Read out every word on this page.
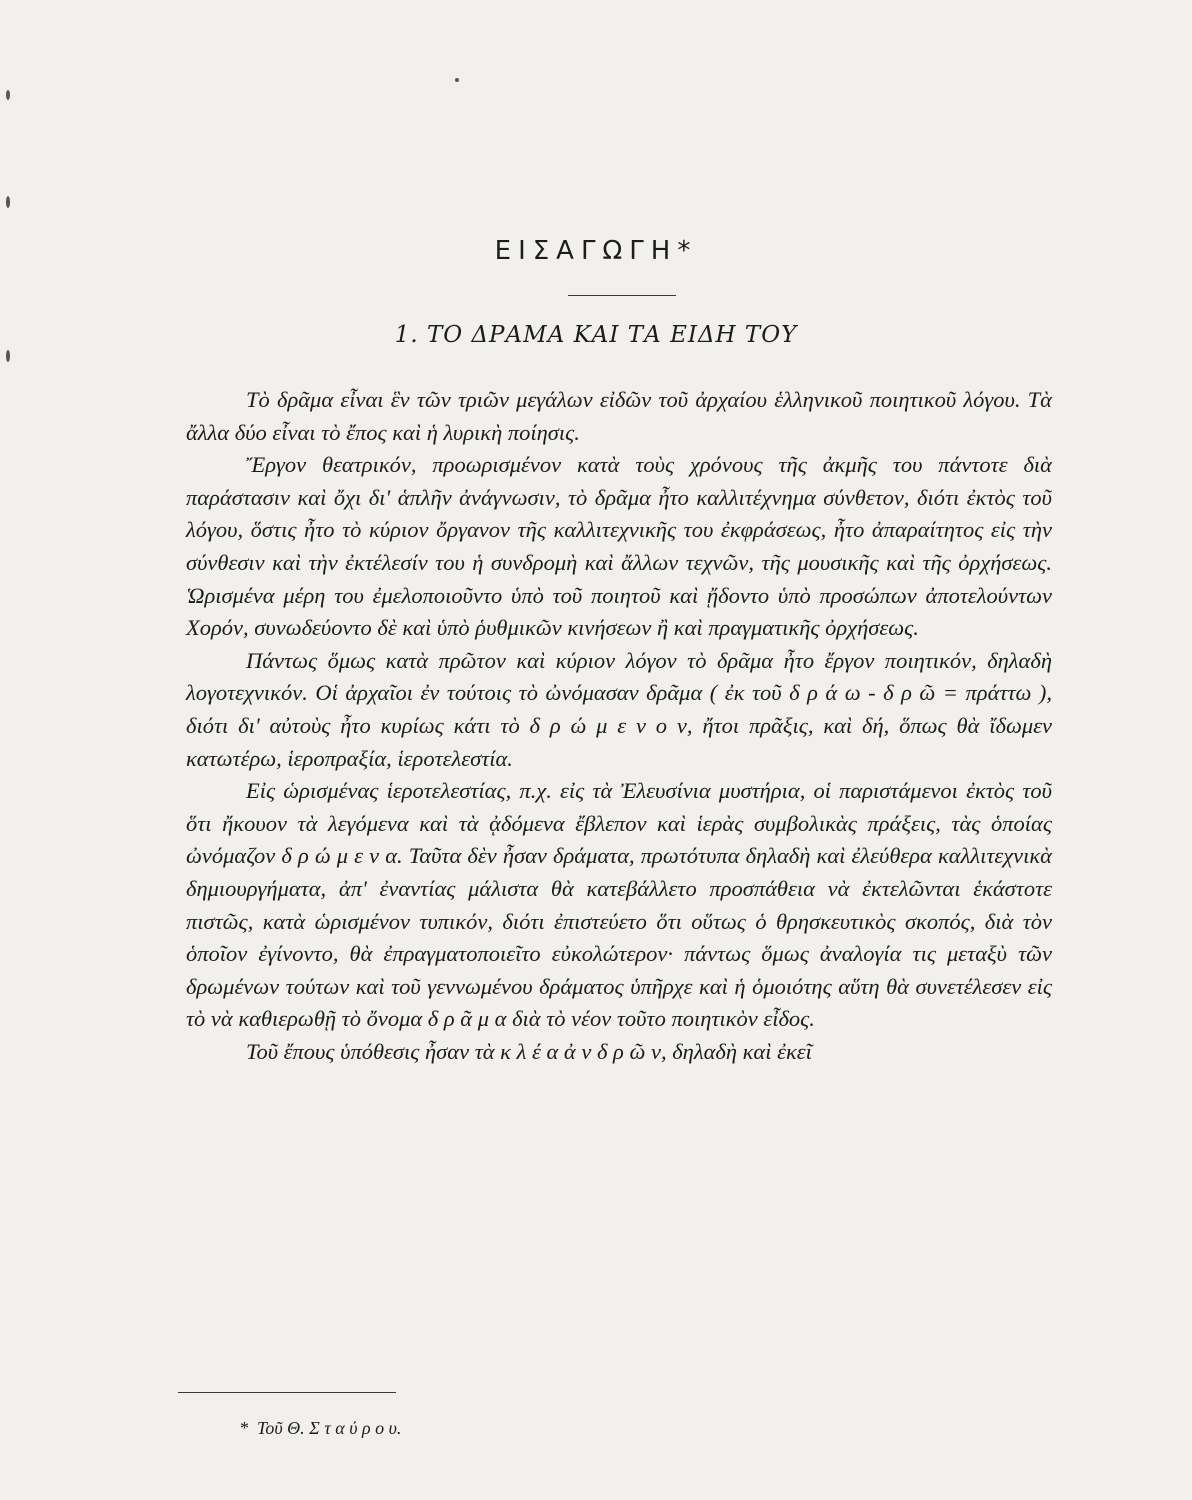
ΕΙΣΑΓΩΓΗ*
1. ΤΟ ΔΡΑΜΑ ΚΑΙ ΤΑ ΕΙΔΗ ΤΟΥ

Τὸ δρᾶμα εἶναι ἓν τῶν τριῶν μεγάλων εἰδῶν τοῦ ἀρχαίου ἑλληνικοῦ ποιητικοῦ λόγου. Τὰ ἄλλα δύο εἶναι τὸ ἔπος καὶ ἡ λυρικὴ ποίησις.

Ἔργον θεατρικόν, προωρισμένον κατὰ τοὺς χρόνους τῆς ἀκμῆς του πάντοτε διὰ παράστασιν καὶ ὄχι δι' ἁπλῆν ἀνάγνωσιν, τὸ δρᾶμα ἦτο καλλιτέχνημα σύνθετον, διότι ἐκτὸς τοῦ λόγου, ὅστις ἦτο τὸ κύριον ὄργανον τῆς καλλιτεχνικῆς του ἐκφράσεως, ἦτο ἀπαραίτητος εἰς τὴν σύνθεσιν καὶ τὴν ἐκτέλεσίν του ἡ συνδρομὴ καὶ ἄλλων τεχνῶν, τῆς μουσικῆς καὶ τῆς ὀρχήσεως. Ὡρισμένα μέρη του ἐμελοποιοῦντο ὑπὸ τοῦ ποιητοῦ καὶ ᾔδοντο ὑπὸ προσώπων ἀποτελούντων Χορόν, συνωδεύοντο δὲ καὶ ὑπὸ ῥυθμικῶν κινήσεων ἢ καὶ πραγματικῆς ὀρχήσεως.

Πάντως ὅμως κατὰ πρῶτον καὶ κύριον λόγον τὸ δρᾶμα ἦτο ἔργον ποιητικόν, δηλαδὴ λογοτεχνικόν. Οἱ ἀρχαῖοι ἐν τούτοις τὸ ὠνόμασαν δρᾶμα ( ἐκ τοῦ δ ρ ά ω - δ ρ ῶ = πράττω ), διότι δι' αὐτοὺς ἦτο κυρίως κάτι τὸ δ ρ ώ μ ε ν ο ν, ἤτοι πρᾶξις, καὶ δή, ὅπως θὰ ἴδωμεν κατωτέρω, ἱεροπραξία, ἱεροτελεστία.

Εἰς ὡρισμένας ἱεροτελεστίας, π.χ. εἰς τὰ Ἐλευσίνια μυστήρια, οἱ παριστάμενοι ἐκτὸς τοῦ ὅτι ἤκουον τὰ λεγόμενα καὶ τὰ ᾀδόμενα ἔβλεπον καὶ ἱερὰς συμβολικὰς πράξεις, τὰς ὁποίας ὠνόμαζον δ ρ ώ μ ε ν α. Ταῦτα δὲν ἦσαν δράματα, πρωτότυπα δηλαδὴ καὶ ἐλεύθερα καλλιτεχνικὰ δημιουργήματα, ἀπ' ἐναντίας μάλιστα θὰ κατεβάλλετο προσπάθεια νὰ ἐκτελῶνται ἑκάστοτε πιστῶς, κατὰ ὡρισμένον τυπικόν, διότι ἐπιστεύετο ὅτι οὕτως ὁ θρησκευτικὸς σκοπός, διὰ τὸν ὁποῖον ἐγίνοντο, θὰ ἐπραγματοποιεῖτο εὐκολώτερον· πάντως ὅμως ἀναλογία τις μεταξὺ τῶν δρωμένων τούτων καὶ τοῦ γεννωμένου δράματος ὑπῆρχε καὶ ἡ ὁμοιότης αὕτη θὰ συνετέλεσεν εἰς τὸ νὰ καθιερωθῇ τὸ ὄνομα δ ρ ᾶ μ α διὰ τὸ νέον τοῦτο ποιητικὸν εἶδος.

Τοῦ ἔπους ὑπόθεσις ἦσαν τὰ κ λ έ α ἀ ν δ ρ ῶ ν, δηλαδὴ καὶ ἐκεῖ

* Τοῦ Θ. Σ τ α ύ ρ ο υ.
